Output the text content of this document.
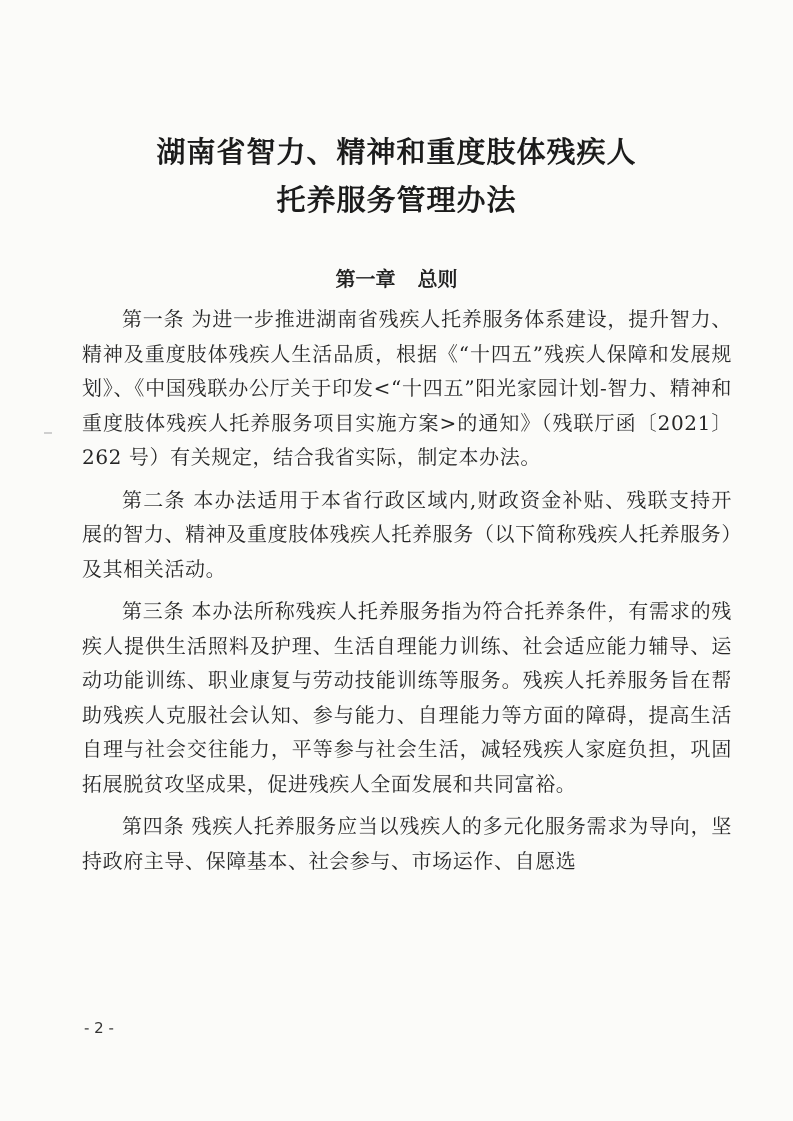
湖南省智力、精神和重度肢体残疾人
托养服务管理办法
第一章 总则

第一条 为进一步推进湖南省残疾人托养服务体系建设，提升智力、精神及重度肢体残疾人生活品质，根据《“十四五”残疾人保障和发展规划》、《中国残联办公厅关于印发<“十四五”阳光家园计划-智力、精神和重度肢体残疾人托养服务项目实施方案>的通知》（残联厅函〔2021〕262 号）有关规定，结合我省实际，制定本办法。

第二条 本办法适用于本省行政区域内,财政资金补贴、残联支持开展的智力、精神及重度肢体残疾人托养服务（以下简称残疾人托养服务）及其相关活动。

第三条 本办法所称残疾人托养服务指为符合托养条件，有需求的残疾人提供生活照料及护理、生活自理能力训练、社会适应能力辅导、运动功能训练、职业康复与劳动技能训练等服务。残疾人托养服务旨在帮助残疾人克服社会认知、参与能力、自理能力等方面的障碍，提高生活自理与社会交往能力，平等参与社会生活，减轻残疾人家庭负担，巩固拓展脱贫攻坚成果，促进残疾人全面发展和共同富裕。

第四条 残疾人托养服务应当以残疾人的多元化服务需求为导向，坚持政府主导、保障基本、社会参与、市场运作、自愿选

- 2 -
